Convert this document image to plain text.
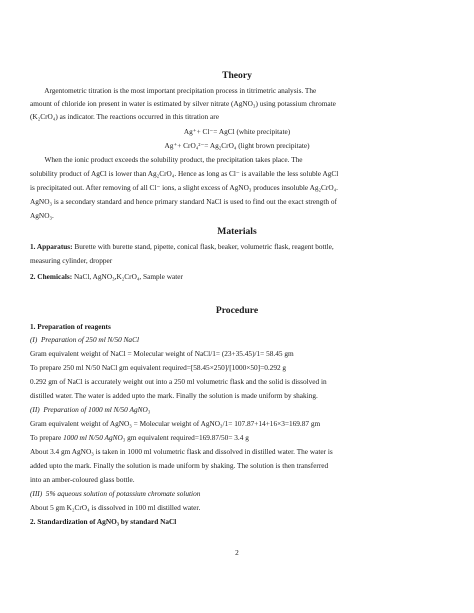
Theory
Argentometric titration is the most important precipitation process in titrimetric analysis. The
amount of chloride ion present in water is estimated by silver nitrate (AgNO₃) using potassium chromate
(K₂CrO₄) as indicator. The reactions occurred in this titration are
Ag⁺+ Cl⁻= AgCl (white precipitate)
Ag⁺+ CrO₄²⁻= Ag₂CrO₄ (light brown precipitate)
When the ionic product exceeds the solubility product, the precipitation takes place. The
solubility product of AgCl is lower than Ag₂CrO₄. Hence as long as Cl⁻ is available the less soluble AgCl
is precipitated out. After removing of all Cl⁻ ions, a slight excess of AgNO₃ produces insoluble Ag₂CrO₄.
AgNO₃ is a secondary standard and hence primary standard NaCl is used to find out the exact strength of
AgNO₃.
Materials
1. Apparatus: Burette with burette stand, pipette, conical flask, beaker, volumetric flask, reagent bottle,
measuring cylinder, dropper
2. Chemicals: NaCl, AgNO₃,K₂CrO₄, Sample water
Procedure
1. Preparation of reagents
(I)  Preparation of 250 ml N/50 NaCl
Gram equivalent weight of NaCl = Molecular weight of NaCl/1= (23+35.45)/1= 58.45 gm
To prepare 250 ml N/50 NaCl gm equivalent required=[58.45×250]/[1000×50]=0.292 g
0.292 gm of NaCl is accurately weight out into a 250 ml volumetric flask and the solid is dissolved in
distilled water. The water is added upto the mark. Finally the solution is made uniform by shaking.
(II)  Preparation of 1000 ml N/50 AgNO₃
Gram equivalent weight of AgNO₃ = Molecular weight of AgNO₃/1= 107.87+14+16×3=169.87 gm
To prepare 1000 ml N/50 AgNO₃ gm equivalent required=169.87/50= 3.4 g
About 3.4 gm AgNO₃ is taken in 1000 ml volumetric flask and dissolved in distilled water. The water is
added upto the mark. Finally the solution is made uniform by shaking. The solution is then transferred
into an amber-coloured glass bottle.
(III)  5% aqueous solution of potassium chromate solution
About 5 gm K₂CrO₄ is dissolved in 100 ml distilled water.
2. Standardization of AgNO₃ by standard NaCl
2
